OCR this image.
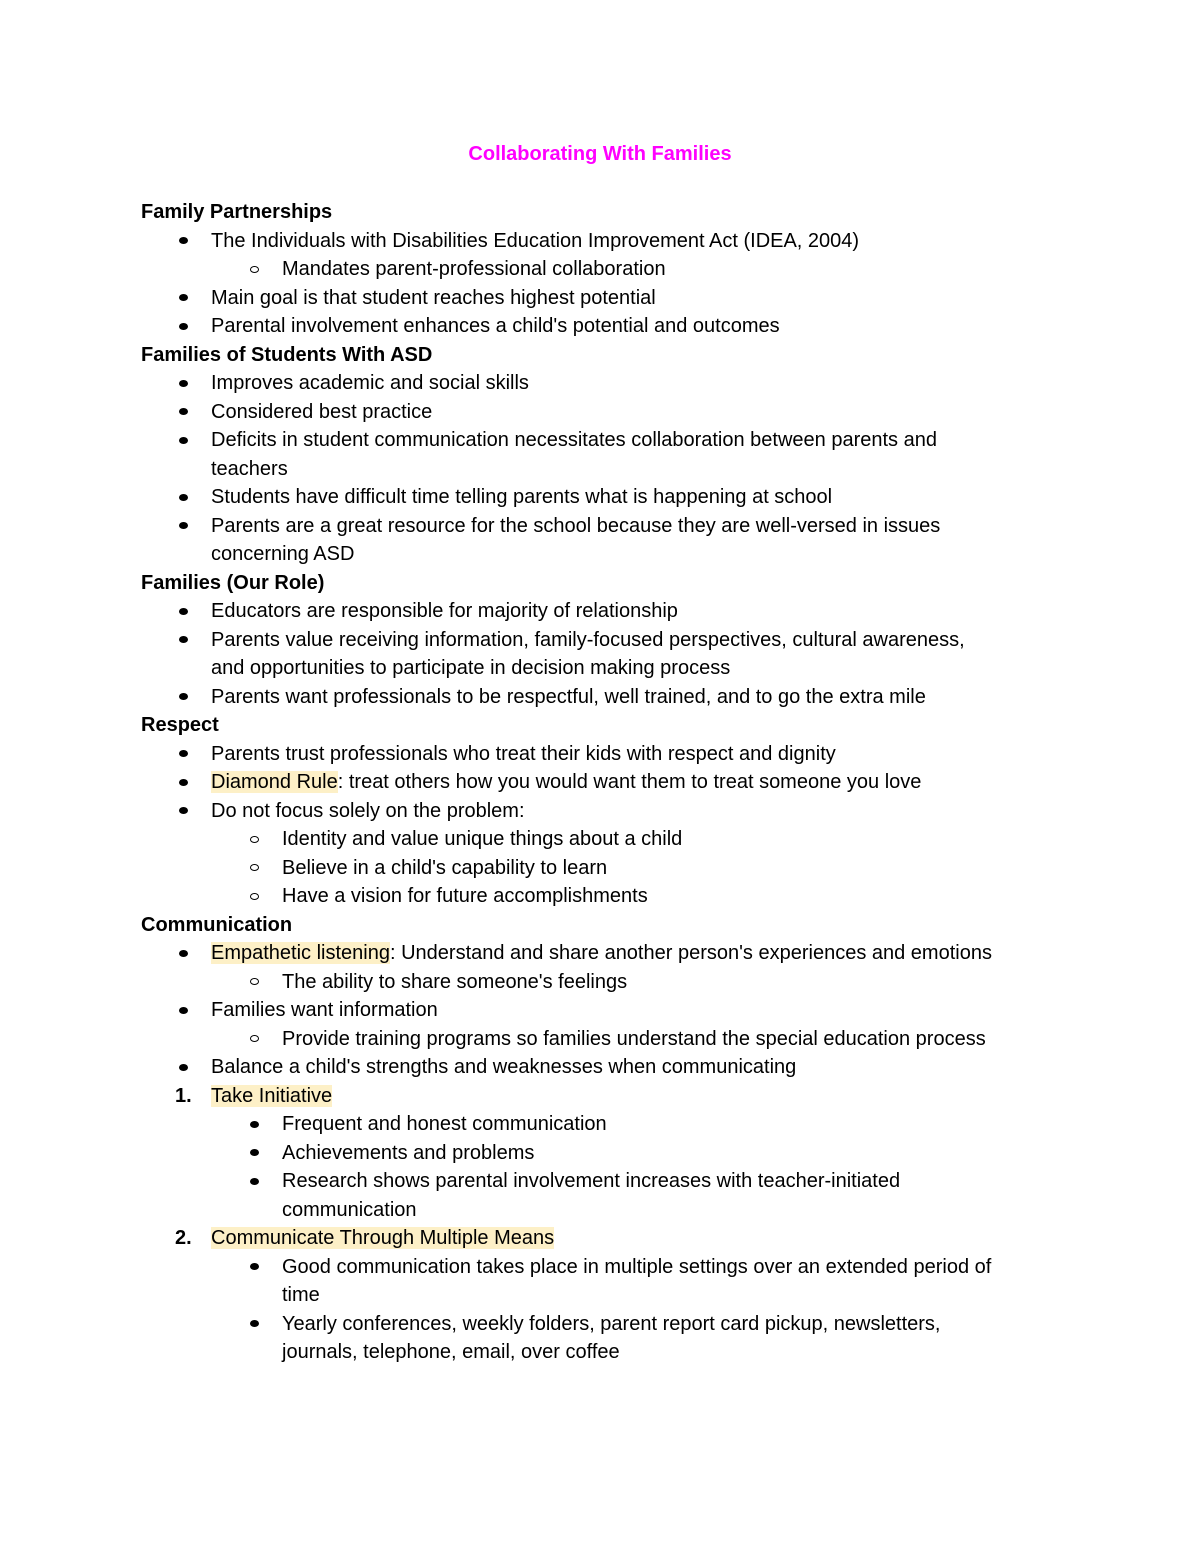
Collaborating With Families
Family Partnerships
The Individuals with Disabilities Education Improvement Act (IDEA, 2004)
Mandates parent-professional collaboration
Main goal is that student reaches highest potential
Parental involvement enhances a child's potential and outcomes
Families of Students With ASD
Improves academic and social skills
Considered best practice
Deficits in student communication necessitates collaboration between parents and
teachers
Students have difficult time telling parents what is happening at school
Parents are a great resource for the school because they are well-versed in issues
concerning ASD
Families (Our Role)
Educators are responsible for majority of relationship
Parents value receiving information, family-focused perspectives, cultural awareness,
and opportunities to participate in decision making process
Parents want professionals to be respectful, well trained, and to go the extra mile
Respect
Parents trust professionals who treat their kids with respect and dignity
Diamond Rule: treat others how you would want them to treat someone you love
Do not focus solely on the problem:
Identity and value unique things about a child
Believe in a child's capability to learn
Have a vision for future accomplishments
Communication
Empathetic listening: Understand and share another person's experiences and emotions
The ability to share someone's feelings
Families want information
Provide training programs so families understand the special education process
Balance a child's strengths and weaknesses when communicating
1. Take Initiative
Frequent and honest communication
Achievements and problems
Research shows parental involvement increases with teacher-initiated
communication
2. Communicate Through Multiple Means
Good communication takes place in multiple settings over an extended period of
time
Yearly conferences, weekly folders, parent report card pickup, newsletters,
journals, telephone, email, over coffee
